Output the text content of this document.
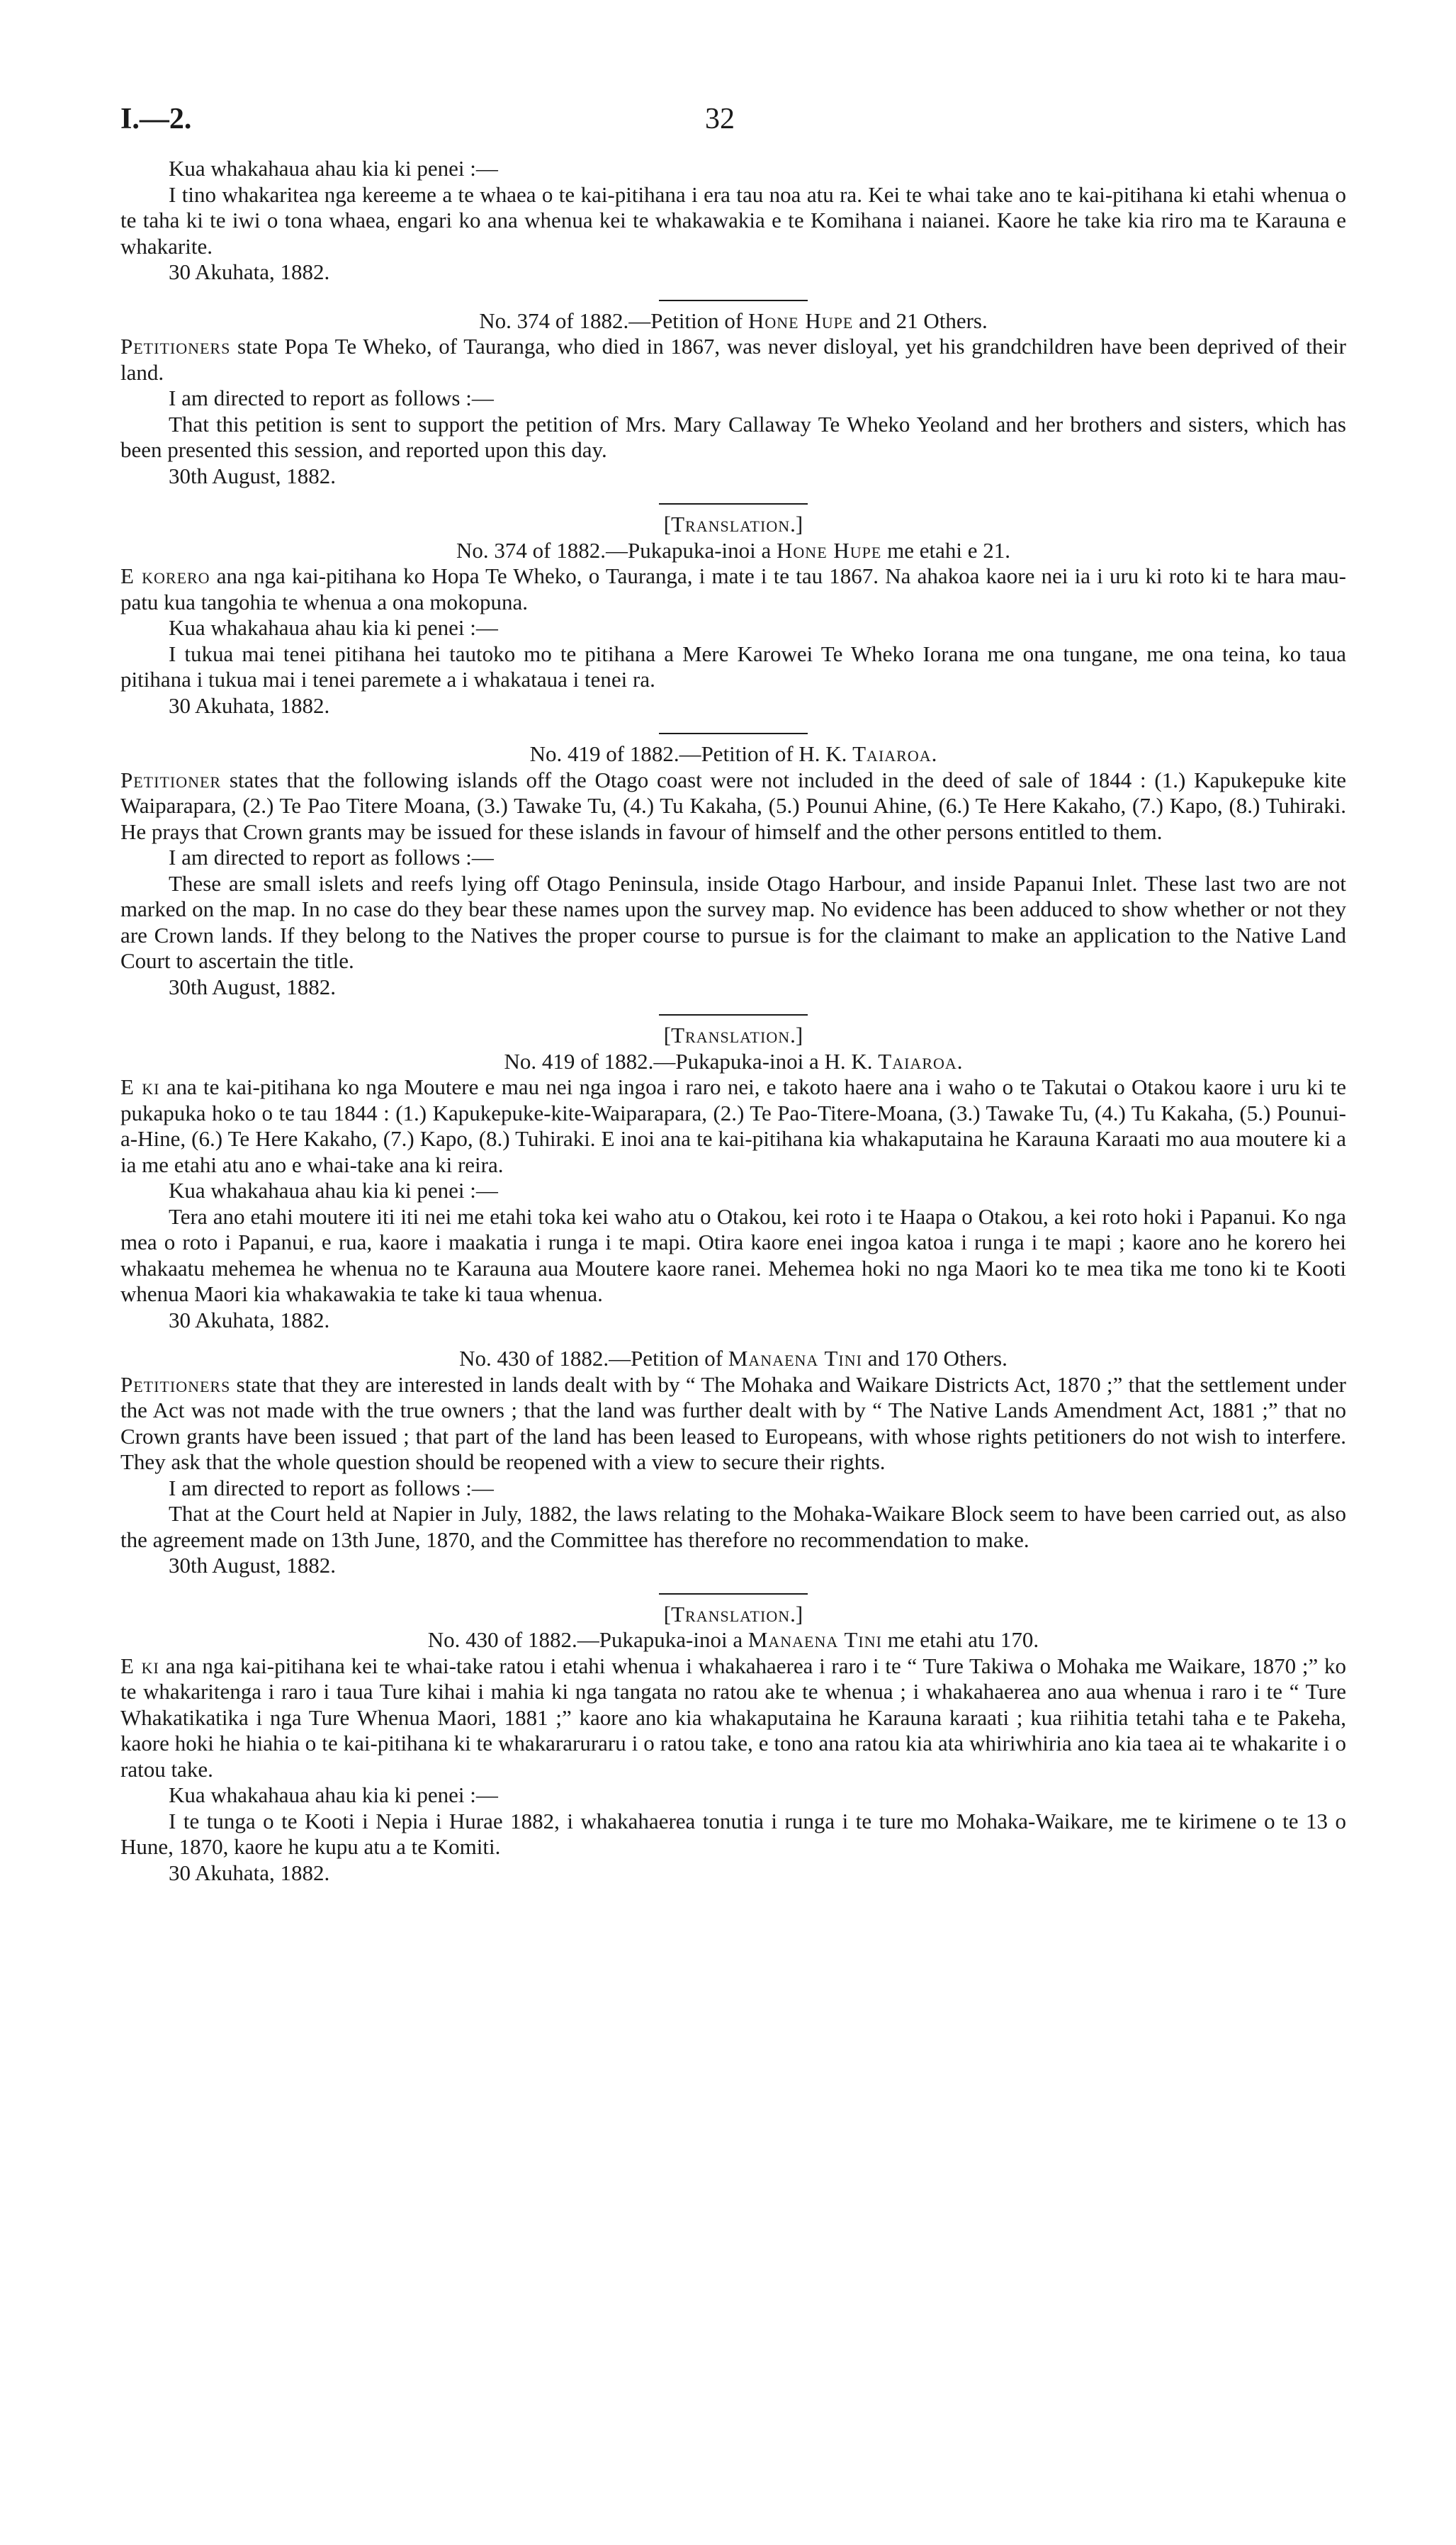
I.—2.	32

Kua whakahaua ahau kia ki penei :—

I tino whakaritea nga kereeme a te whaea o te kai-pitihana i era tau noa atu ra. Kei te whai take ano te kai-pitihana ki etahi whenua o te taha ki te iwi o tona whaea, engari ko ana whenua kei te whakawakia e te Komihana i naianei. Kaore he take kia riro ma te Karauna e whakarite.

30 Akuhata, 1882.

No. 374 of 1882.—Petition of Hone Hupe and 21 Others.

Petitioners state Popa Te Wheko, of Tauranga, who died in 1867, was never disloyal, yet his grandchildren have been deprived of their land.

I am directed to report as follows :—

That this petition is sent to support the petition of Mrs. Mary Callaway Te Wheko Yeoland and her brothers and sisters, which has been presented this session, and reported upon this day.

30th August, 1882.

[Translation.]

No. 374 of 1882.—Pukapuka-inoi a Hone Hupe me etahi e 21.

E korero ana nga kai-pitihana ko Hopa Te Wheko, o Tauranga, i mate i te tau 1867. Na ahakoa kaore nei ia i uru ki roto ki te hara mau-patu kua tangohia te whenua a ona mokopuna.

Kua whakahaua ahau kia ki penei :—

I tukua mai tenei pitihana hei tautoko mo te pitihana a Mere Karowei Te Wheko Iorana me ona tungane, me ona teina, ko taua pitihana i tukua mai i tenei paremete a i whakataua i tenei ra.

30 Akuhata, 1882.

No. 419 of 1882.—Petition of H. K. Taiaroa.

Petitioner states that the following islands off the Otago coast were not included in the deed of sale of 1844 : (1.) Kapukepuke kite Waiparapara, (2.) Te Pao Titere Moana, (3.) Tawake Tu, (4.) Tu Kakaha, (5.) Pounui Ahine, (6.) Te Here Kakaho, (7.) Kapo, (8.) Tuhiraki. He prays that Crown grants may be issued for these islands in favour of himself and the other persons entitled to them.

I am directed to report as follows :—

These are small islets and reefs lying off Otago Peninsula, inside Otago Harbour, and inside Papanui Inlet. These last two are not marked on the map. In no case do they bear these names upon the survey map. No evidence has been adduced to show whether or not they are Crown lands. If they belong to the Natives the proper course to pursue is for the claimant to make an application to the Native Land Court to ascertain the title.

30th August, 1882.

[Translation.]

No. 419 of 1882.—Pukapuka-inoi a H. K. Taiaroa.

E ki ana te kai-pitihana ko nga Moutere e mau nei nga ingoa i raro nei, e takoto haere ana i waho o te Takutai o Otakou kaore i uru ki te pukapuka hoko o te tau 1844 : (1.) Kapukepuke-kite-Waiparapara, (2.) Te Pao-Titere-Moana, (3.) Tawake Tu, (4.) Tu Kakaha, (5.) Pounui-a-Hine, (6.) Te Here Kakaho, (7.) Kapo, (8.) Tuhiraki. E inoi ana te kai-pitihana kia whakaputaina he Karauna Karaati mo aua moutere ki a ia me etahi atu ano e whai-take ana ki reira.

Kua whakahaua ahau kia ki penei :—

Tera ano etahi moutere iti iti nei me etahi toka kei waho atu o Otakou, kei roto i te Haapa o Otakou, a kei roto hoki i Papanui. Ko nga mea o roto i Papanui, e rua, kaore i maakatia i runga i te mapi. Otira kaore enei ingoa katoa i runga i te mapi ; kaore ano he korero hei whakaatu mehemea he whenua no te Karauna aua Moutere kaore ranei. Mehemea hoki no nga Maori ko te mea tika me tono ki te Kooti whenua Maori kia whakawakia te take ki taua whenua.

30 Akuhata, 1882.

No. 430 of 1882.—Petition of Manaena Tini and 170 Others.

Petitioners state that they are interested in lands dealt with by “ The Mohaka and Waikare Districts Act, 1870 ;” that the settlement under the Act was not made with the true owners ; that the land was further dealt with by “ The Native Lands Amendment Act, 1881 ;” that no Crown grants have been issued ; that part of the land has been leased to Europeans, with whose rights petitioners do not wish to interfere. They ask that the whole question should be reopened with a view to secure their rights.

I am directed to report as follows :—

That at the Court held at Napier in July, 1882, the laws relating to the Mohaka-Waikare Block seem to have been carried out, as also the agreement made on 13th June, 1870, and the Committee has therefore no recommendation to make.

30th August, 1882.

[Translation.]

No. 430 of 1882.—Pukapuka-inoi a Manaena Tini me etahi atu 170.

E ki ana nga kai-pitihana kei te whai-take ratou i etahi whenua i whakahaerea i raro i te “ Ture Takiwa o Mohaka me Waikare, 1870 ;” ko te whakaritenga i raro i taua Ture kihai i mahia ki nga tangata no ratou ake te whenua ; i whakahaerea ano aua whenua i raro i te “ Ture Whakatikatika i nga Ture Whenua Maori, 1881 ;” kaore ano kia whakaputaina he Karauna karaati ; kua riihitia tetahi taha e te Pakeha, kaore hoki he hiahia o te kai-pitihana ki te whakararuraru i o ratou take, e tono ana ratou kia ata whiriwhiria ano kia taea ai te whakarite i o ratou take.

Kua whakahaua ahau kia ki penei :—

I te tunga o te Kooti i Nepia i Hurae 1882, i whakahaerea tonutia i runga i te ture mo Mohaka-Waikare, me te kirimene o te 13 o Hune, 1870, kaore he kupu atu a te Komiti.

30 Akuhata, 1882.
